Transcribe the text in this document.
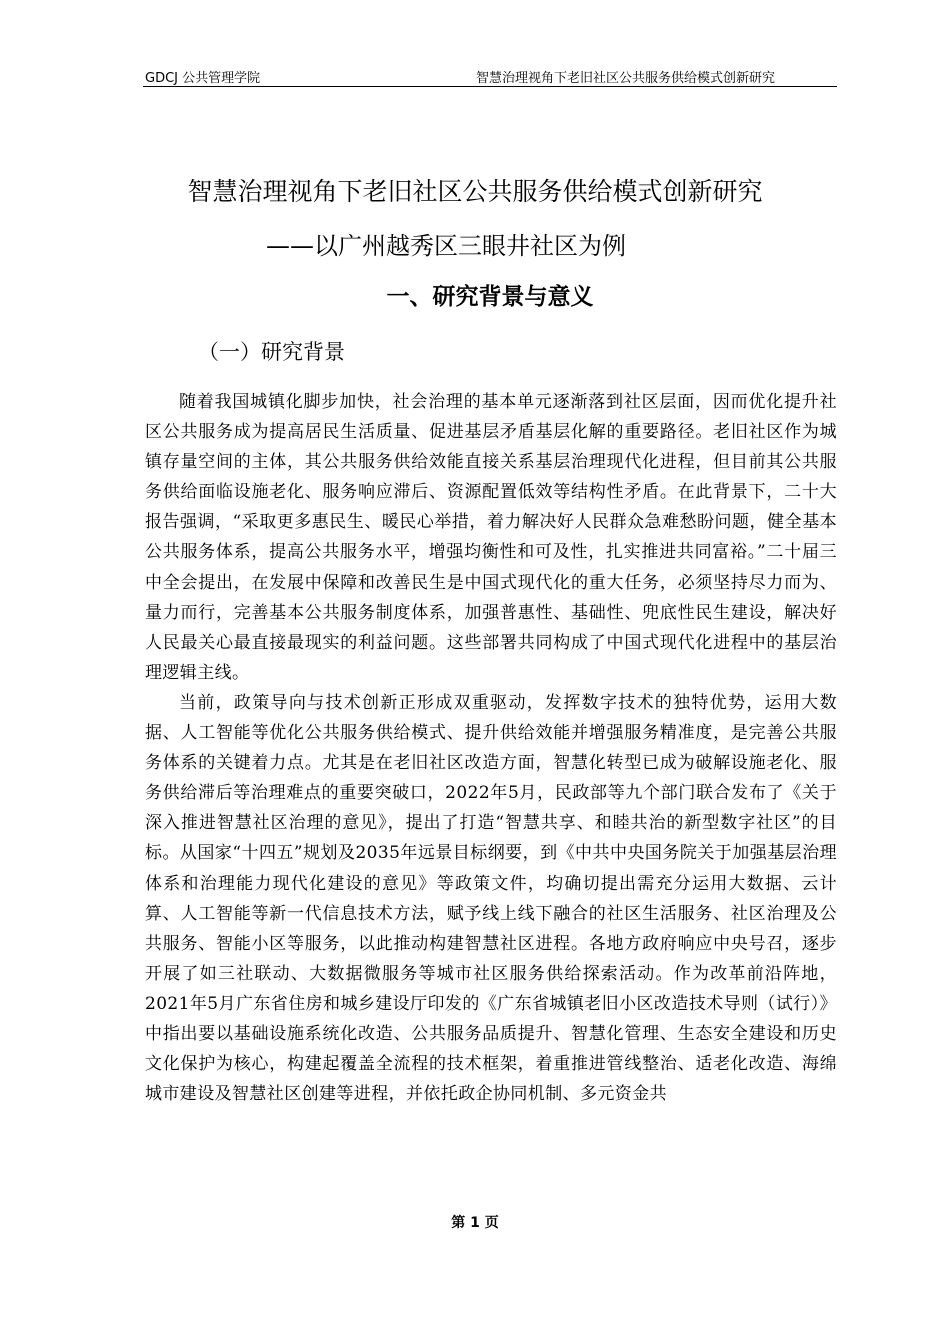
GDCJ 公共管理学院	智慧治理视角下老旧社区公共服务供给模式创新研究
智慧治理视角下老旧社区公共服务供给模式创新研究
——以广州越秀区三眼井社区为例
一、研究背景与意义
（一）研究背景

随着我国城镇化脚步加快，社会治理的基本单元逐渐落到社区层面，因而优化提升社区公共服务成为提高居民生活质量、促进基层矛盾基层化解的重要路径。老旧社区作为城镇存量空间的主体，其公共服务供给效能直接关系基层治理现代化进程，但目前其公共服务供给面临设施老化、服务响应滞后、资源配置低效等结构性矛盾。在此背景下，二十大报告强调，“采取更多惠民生、暖民心举措，着力解决好人民群众急难愁盼问题，健全基本公共服务体系，提高公共服务水平，增强均衡性和可及性，扎实推进共同富裕。”二十届三中全会提出，在发展中保障和改善民生是中国式现代化的重大任务，必须坚持尽力而为、量力而行，完善基本公共服务制度体系，加强普惠性、基础性、兜底性民生建设，解决好人民最关心最直接最现实的利益问题。这些部署共同构成了中国式现代化进程中的基层治理逻辑主线。

当前，政策导向与技术创新正形成双重驱动，发挥数字技术的独特优势，运用大数据、人工智能等优化公共服务供给模式、提升供给效能并增强服务精准度，是完善公共服务体系的关键着力点。尤其是在老旧社区改造方面，智慧化转型已成为破解设施老化、服务供给滞后等治理难点的重要突破口，2022年5月，民政部等九个部门联合发布了《关于深入推进智慧社区治理的意见》，提出了打造“智慧共享、和睦共治的新型数字社区”的目标。从国家“十四五”规划及2035年远景目标纲要，到《中共中央国务院关于加强基层治理体系和治理能力现代化建设的意见》等政策文件，均确切提出需充分运用大数据、云计算、人工智能等新一代信息技术方法，赋予线上线下融合的社区生活服务、社区治理及公共服务、智能小区等服务，以此推动构建智慧社区进程。各地方政府响应中央号召，逐步开展了如三社联动、大数据微服务等城市社区服务供给探索活动。作为改革前沿阵地，2021年5月广东省住房和城乡建设厅印发的《广东省城镇老旧小区改造技术导则（试行）》中指出要以基础设施系统化改造、公共服务品质提升、智慧化管理、生态安全建设和历史文化保护为核心，构建起覆盖全流程的技术框架，着重推进管线整治、适老化改造、海绵城市建设及智慧社区创建等进程，并依托政企协同机制、多元资金共

第 1 页
